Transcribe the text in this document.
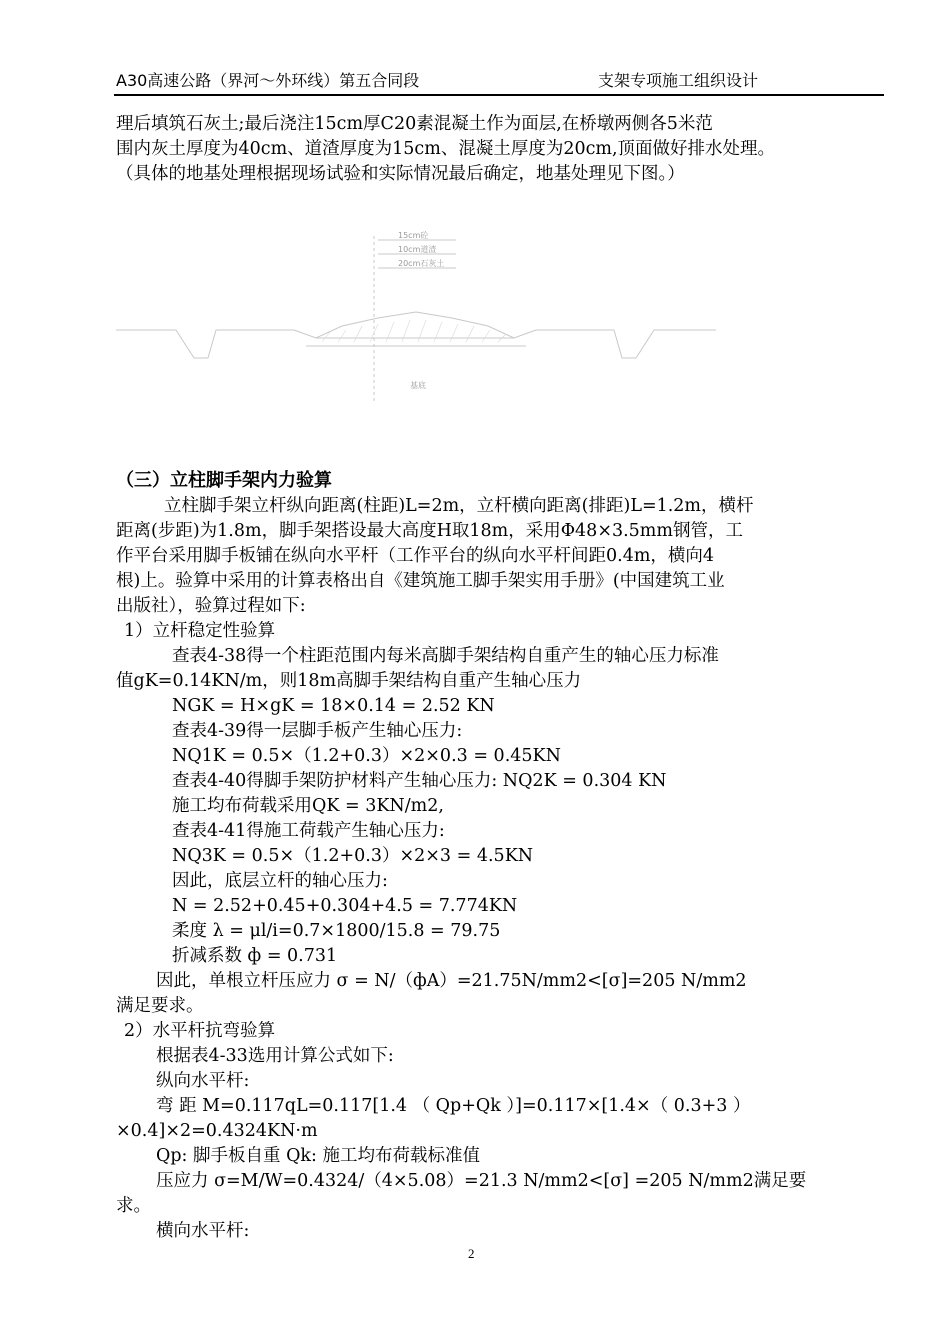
A30高速公路（界河～外环线）第五合同段	支架专项施工组织设计

理后填筑石灰土;最后浇注15cm厚C20素混凝土作为面层,在桥墩两侧各5米范

围内灰土厚度为40cm、道渣厚度为15cm、混凝土厚度为20cm,顶面做好排水处理。

（具体的地基处理根据现场试验和实际情况最后确定，地基处理见下图。）

15cm砼
10cm道渣
20cm石灰土
基底
（三）立柱脚手架内力验算

立柱脚手架立杆纵向距离(柱距)L=2m，立杆横向距离(排距)L=1.2m，横杆

距离(步距)为1.8m，脚手架搭设最大高度H取18m，采用Φ48×3.5mm钢管，工

作平台采用脚手板铺在纵向水平杆（工作平台的纵向水平杆间距0.4m，横向4

根)上。验算中采用的计算表格出自《建筑施工脚手架实用手册》(中国建筑工业

出版社），验算过程如下:

1）立杆稳定性验算

查表4-38得一个柱距范围内每米高脚手架结构自重产生的轴心压力标准

值gK=0.14KN/m，则18m高脚手架结构自重产生轴心压力

NGK = H×gK = 18×0.14 = 2.52 KN

查表4-39得一层脚手板产生轴心压力:

NQ1K = 0.5×（1.2+0.3）×2×0.3 = 0.45KN

查表4-40得脚手架防护材料产生轴心压力: NQ2K = 0.304 KN

施工均布荷载采用QK = 3KN/m2,

查表4-41得施工荷载产生轴心压力:

NQ3K = 0.5×（1.2+0.3）×2×3 = 4.5KN

因此，底层立杆的轴心压力:

N = 2.52+0.45+0.304+4.5 = 7.774KN

柔度 λ = μl/i=0.7×1800/15.8 = 79.75

折减系数 ф = 0.731

因此，单根立杆压应力 σ = N/（фA）=21.75N/mm2<[σ]=205 N/mm2

满足要求。

2）水平杆抗弯验算

根据表4-33选用计算公式如下:

纵向水平杆:

弯 距 M=0.117qL=0.117[1.4 （ Qp+Qk ）]=0.117×[1.4×（ 0.3+3 ）

×0.4]×2=0.4324KN·m

Qp: 脚手板自重 Qk: 施工均布荷载标准值

压应力 σ=M/W=0.4324/（4×5.08）=21.3 N/mm2<[σ] =205 N/mm2满足要

求。

横向水平杆:

2
